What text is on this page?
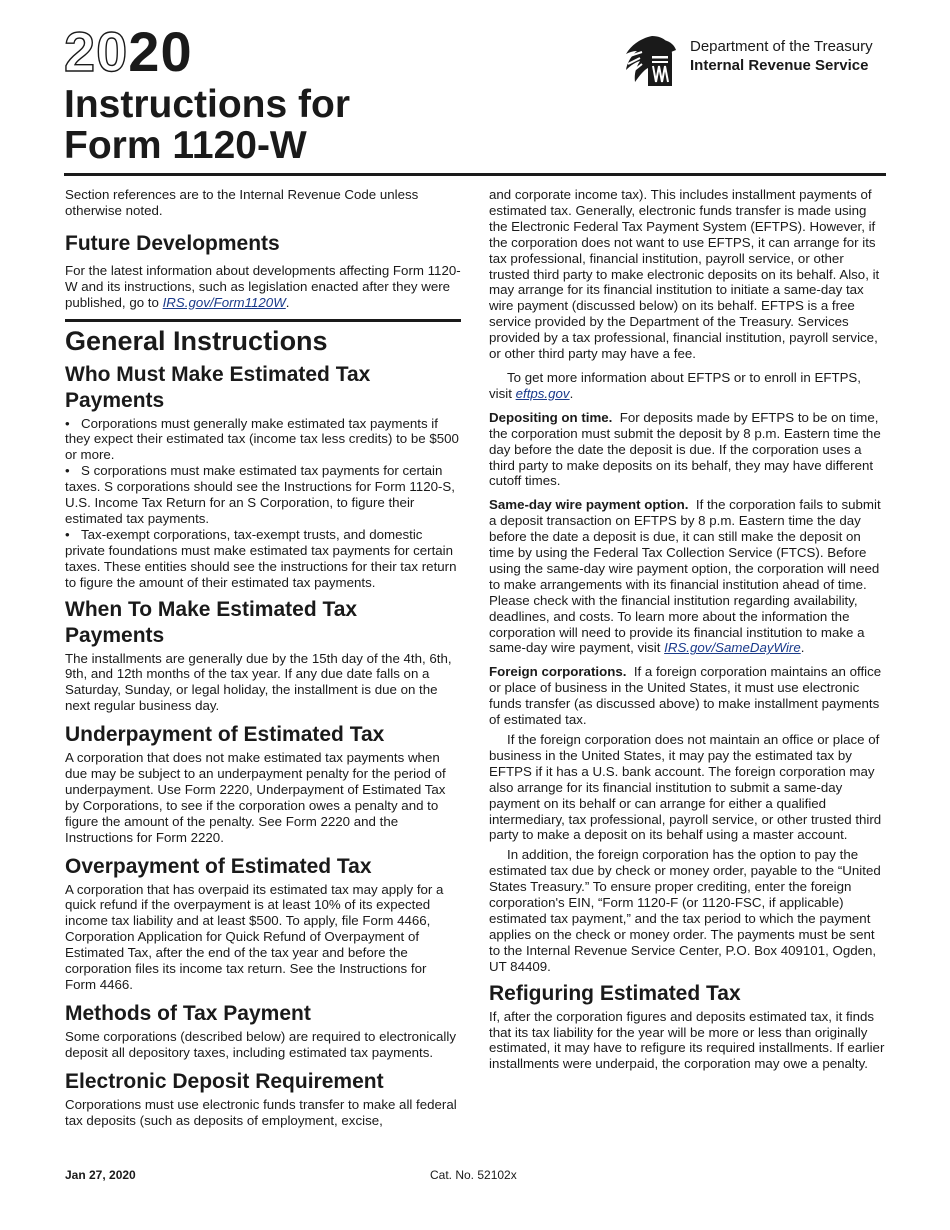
2020
Instructions for
Form 1120-W
Department of the Treasury
Internal Revenue Service

Section references are to the Internal Revenue Code unless otherwise noted.

Future Developments

For the latest information about developments affecting Form 1120-W and its instructions, such as legislation enacted after they were published, go to IRS.gov/Form1120W.

General Instructions
Who Must Make Estimated Tax Payments
• Corporations must generally make estimated tax payments if they expect their estimated tax (income tax less credits) to be $500 or more.
• S corporations must make estimated tax payments for certain taxes. S corporations should see the Instructions for Form 1120-S, U.S. Income Tax Return for an S Corporation, to figure their estimated tax payments.
• Tax-exempt corporations, tax-exempt trusts, and domestic private foundations must make estimated tax payments for certain taxes. These entities should see the instructions for their tax return to figure the amount of their estimated tax payments.
When To Make Estimated Tax Payments

The installments are generally due by the 15th day of the 4th, 6th, 9th, and 12th months of the tax year. If any due date falls on a Saturday, Sunday, or legal holiday, the installment is due on the next regular business day.

Underpayment of Estimated Tax

A corporation that does not make estimated tax payments when due may be subject to an underpayment penalty for the period of underpayment. Use Form 2220, Underpayment of Estimated Tax by Corporations, to see if the corporation owes a penalty and to figure the amount of the penalty. See Form 2220 and the Instructions for Form 2220.

Overpayment of Estimated Tax

A corporation that has overpaid its estimated tax may apply for a quick refund if the overpayment is at least 10% of its expected income tax liability and at least $500. To apply, file Form 4466, Corporation Application for Quick Refund of Overpayment of Estimated Tax, after the end of the tax year and before the corporation files its income tax return. See the Instructions for Form 4466.

Methods of Tax Payment

Some corporations (described below) are required to electronically deposit all depository taxes, including estimated tax payments.

Electronic Deposit Requirement

Corporations must use electronic funds transfer to make all federal tax deposits (such as deposits of employment, excise,

and corporate income tax). This includes installment payments of estimated tax. Generally, electronic funds transfer is made using the Electronic Federal Tax Payment System (EFTPS). However, if the corporation does not want to use EFTPS, it can arrange for its tax professional, financial institution, payroll service, or other trusted third party to make electronic deposits on its behalf. Also, it may arrange for its financial institution to initiate a same-day tax wire payment (discussed below) on its behalf. EFTPS is a free service provided by the Department of the Treasury. Services provided by a tax professional, financial institution, payroll service, or other third party may have a fee.

To get more information about EFTPS or to enroll in EFTPS, visit eftps.gov.

Depositing on time. For deposits made by EFTPS to be on time, the corporation must submit the deposit by 8 p.m. Eastern time the day before the date the deposit is due. If the corporation uses a third party to make deposits on its behalf, they may have different cutoff times.

Same-day wire payment option. If the corporation fails to submit a deposit transaction on EFTPS by 8 p.m. Eastern time the day before the date a deposit is due, it can still make the deposit on time by using the Federal Tax Collection Service (FTCS). Before using the same-day wire payment option, the corporation will need to make arrangements with its financial institution ahead of time. Please check with the financial institution regarding availability, deadlines, and costs. To learn more about the information the corporation will need to provide its financial institution to make a same-day wire payment, visit IRS.gov/SameDayWire.

Foreign corporations. If a foreign corporation maintains an office or place of business in the United States, it must use electronic funds transfer (as discussed above) to make installment payments of estimated tax.

If the foreign corporation does not maintain an office or place of business in the United States, it may pay the estimated tax by EFTPS if it has a U.S. bank account. The foreign corporation may also arrange for its financial institution to submit a same-day payment on its behalf or can arrange for either a qualified intermediary, tax professional, payroll service, or other trusted third party to make a deposit on its behalf using a master account.

In addition, the foreign corporation has the option to pay the estimated tax due by check or money order, payable to the “United States Treasury.” To ensure proper crediting, enter the foreign corporation's EIN, “Form 1120-F (or 1120-FSC, if applicable) estimated tax payment,” and the tax period to which the payment applies on the check or money order. The payments must be sent to the Internal Revenue Service Center, P.O. Box 409101, Ogden, UT 84409.

Refiguring Estimated Tax

If, after the corporation figures and deposits estimated tax, it finds that its tax liability for the year will be more or less than originally estimated, it may have to refigure its required installments. If earlier installments were underpaid, the corporation may owe a penalty.

Jan 27, 2020	Cat. No. 52102x
